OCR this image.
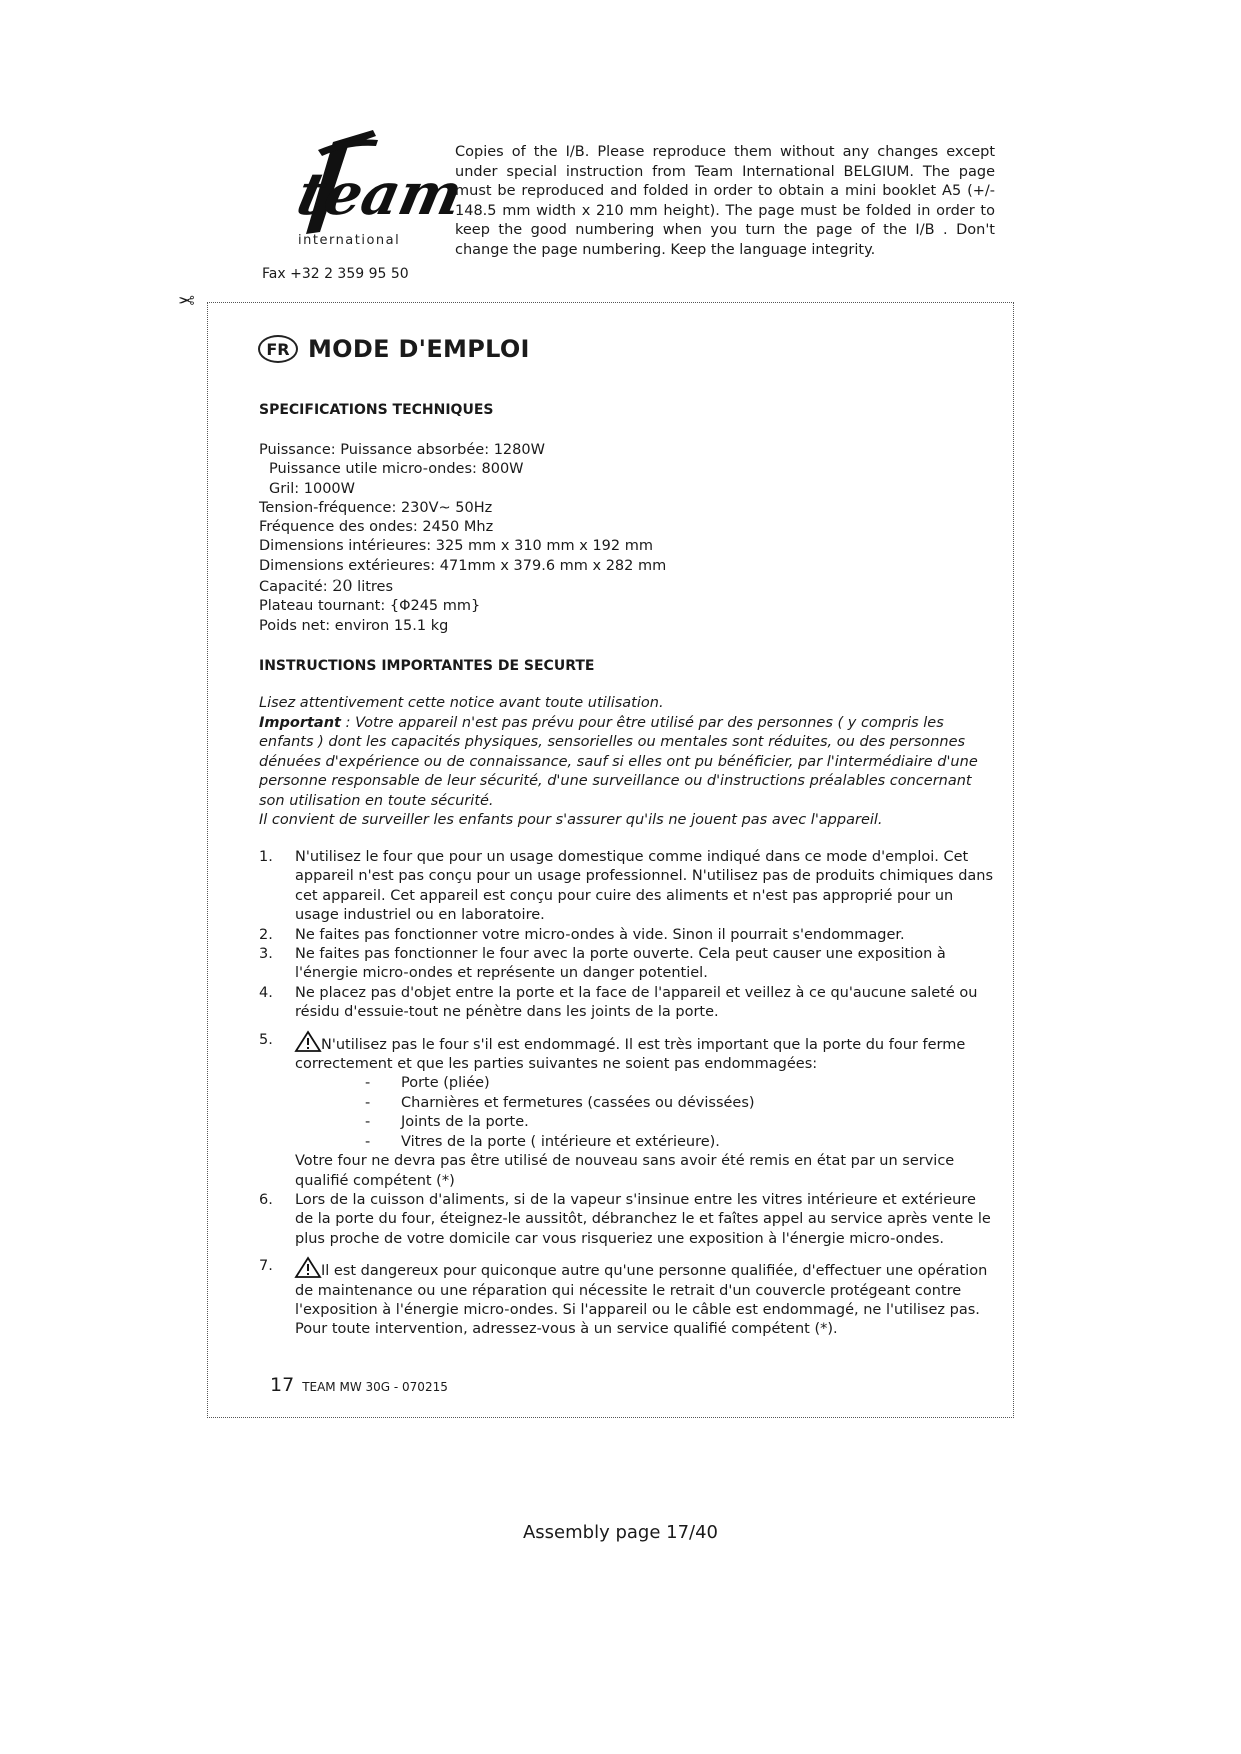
team
international
Fax +32 2 359 95 50
Copies of the I/B. Please reproduce them without any changes except under special instruction from Team International BELGIUM. The page must be reproduced and folded in order to obtain a mini booklet A5 (+/- 148.5 mm width x 210 mm height). The page must be folded in order to keep the good numbering when you turn the page of the I/B . Don't change the page numbering. Keep the language integrity.
✂
FR MODE D'EMPLOI
SPECIFICATIONS TECHNIQUES
Puissance: Puissance absorbée: 1280W
Puissance utile micro-ondes: 800W
Gril: 1000W
Tension-fréquence: 230V~ 50Hz
Fréquence des ondes: 2450 Mhz
Dimensions intérieures: 325 mm x 310 mm x 192 mm
Dimensions extérieures: 471mm x 379.6 mm x 282 mm
Capacité: 20 litres
Plateau tournant: {Φ245 mm}
Poids net: environ 15.1 kg
INSTRUCTIONS IMPORTANTES DE SECURTE
Lisez attentivement cette notice avant toute utilisation.
Important : Votre appareil n'est pas prévu pour être utilisé par des personnes ( y compris les enfants ) dont les capacités physiques, sensorielles ou mentales sont réduites, ou des personnes dénuées d'expérience ou de connaissance, sauf si elles ont pu bénéficier, par l'intermédiaire d'une personne responsable de leur sécurité, d'une surveillance ou d'instructions préalables concernant son utilisation en toute sécurité.
Il convient de surveiller les enfants pour s'assurer qu'ils ne jouent pas avec l'appareil.
1.	N'utilisez le four que pour un usage domestique comme indiqué dans ce mode d'emploi. Cet appareil n'est pas conçu pour un usage professionnel. N'utilisez pas de produits chimiques dans cet appareil. Cet appareil est conçu pour cuire des aliments et n'est pas approprié pour un usage industriel ou en laboratoire.
2.	Ne faites pas fonctionner votre micro-ondes à vide. Sinon il pourrait s'endommager.
3.	Ne faites pas fonctionner le four avec la porte ouverte. Cela peut causer une exposition à l'énergie micro-ondes et représente un danger potentiel.
4.	Ne placez pas d'objet entre la porte et la face de l'appareil et veillez à ce qu'aucune saleté ou résidu d'essuie-tout ne pénètre dans les joints de la porte.
5.	N'utilisez pas le four s'il est endommagé. Il est très important que la porte du four ferme correctement et que les parties suivantes ne soient pas endommagées:
-	Porte (pliée)
-	Charnières et fermetures (cassées ou dévissées)
-	Joints de la porte.
-	Vitres de la porte ( intérieure et extérieure).
Votre four ne devra pas être utilisé de nouveau sans avoir été remis en état par un service qualifié compétent (*)
6.	Lors de la cuisson d'aliments, si de la vapeur s'insinue entre les vitres intérieure et extérieure de la porte du four, éteignez-le aussitôt, débranchez le et faîtes appel au service après vente le plus proche de votre domicile car vous risqueriez une exposition à l'énergie micro-ondes.
7.	Il est dangereux pour quiconque autre qu'une personne qualifiée, d'effectuer une opération de maintenance ou une réparation qui nécessite le retrait d'un couvercle protégeant contre l'exposition à l'énergie micro-ondes. Si l'appareil ou le câble est endommagé, ne l'utilisez pas. Pour toute intervention, adressez-vous à un service qualifié compétent (*).
17 TEAM MW 30G - 070215
Assembly page 17/40
